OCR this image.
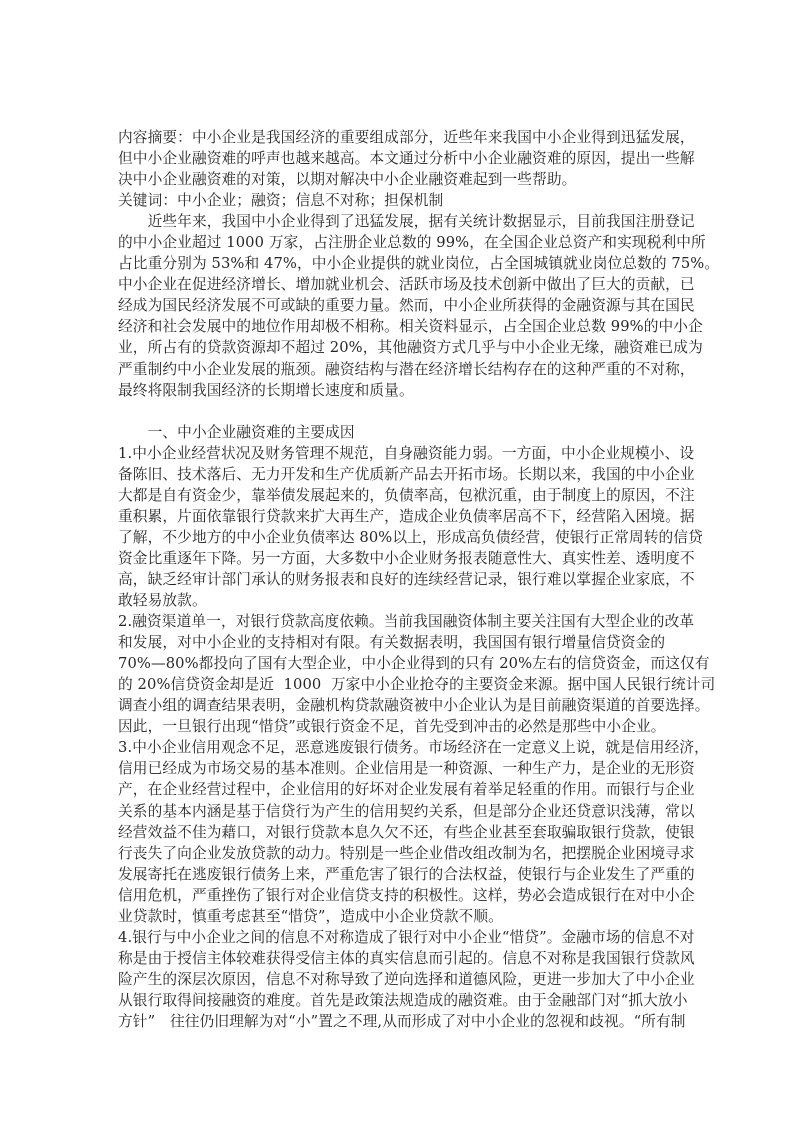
内容摘要：中小企业是我国经济的重要组成部分，近些年来我国中小企业得到迅猛发展，
但中小企业融资难的呼声也越来越高。本文通过分析中小企业融资难的原因，提出一些解
决中小企业融资难的对策，以期对解决中小企业融资难起到一些帮助。
关键词：中小企业；融资；信息不对称；担保机制
　　近些年来，我国中小企业得到了迅猛发展，据有关统计数据显示，目前我国注册登记
的中小企业超过 1000 万家，占注册企业总数的 99%，在全国企业总资产和实现税利中所
占比重分别为 53%和 47%，中小企业提供的就业岗位，占全国城镇就业岗位总数的 75%。
中小企业在促进经济增长、增加就业机会、活跃市场及技术创新中做出了巨大的贡献，已
经成为国民经济发展不可或缺的重要力量。然而，中小企业所获得的金融资源与其在国民
经济和社会发展中的地位作用却极不相称。相关资料显示，占全国企业总数 99%的中小企
业，所占有的贷款资源却不超过 20%，其他融资方式几乎与中小企业无缘，融资难已成为
严重制约中小企业发展的瓶颈。融资结构与潜在经济增长结构存在的这种严重的不对称，
最终将限制我国经济的长期增长速度和质量。
　　一、中小企业融资难的主要成因
1.中小企业经营状况及财务管理不规范，自身融资能力弱。一方面，中小企业规模小、设
备陈旧、技术落后、无力开发和生产优质新产品去开拓市场。长期以来，我国的中小企业
大都是自有资金少，靠举债发展起来的，负债率高，包袱沉重，由于制度上的原因，不注
重积累，片面依靠银行贷款来扩大再生产，造成企业负债率居高不下，经营陷入困境。据
了解，不少地方的中小企业负债率达 80%以上，形成高负债经营，使银行正常周转的信贷
资金比重逐年下降。另一方面，大多数中小企业财务报表随意性大、真实性差、透明度不
高，缺乏经审计部门承认的财务报表和良好的连续经营记录，银行难以掌握企业家底，不
敢轻易放款。
2.融资渠道单一，对银行贷款高度依赖。当前我国融资体制主要关注国有大型企业的改革
和发展，对中小企业的支持相对有限。有关数据表明，我国国有银行增量信贷资金的
70%—80%都投向了国有大型企业，中小企业得到的只有 20%左右的信贷资金，而这仅有
的 20%信贷资金却是近  1000  万家中小企业抢夺的主要资金来源。据中国人民银行统计司
调查小组的调查结果表明，金融机构贷款融资被中小企业认为是目前融资渠道的首要选择。
因此，一旦银行出现“惜贷”或银行资金不足，首先受到冲击的必然是那些中小企业。
3.中小企业信用观念不足，恶意逃废银行债务。市场经济在一定意义上说，就是信用经济，
信用已经成为市场交易的基本准则。企业信用是一种资源、一种生产力，是企业的无形资
产，在企业经营过程中，企业信用的好坏对企业发展有着举足轻重的作用。而银行与企业
关系的基本内涵是基于信贷行为产生的信用契约关系，但是部分企业还贷意识浅薄，常以
经营效益不佳为藉口，对银行贷款本息久欠不还，有些企业甚至套取骗取银行贷款，使银
行丧失了向企业发放贷款的动力。特别是一些企业借改组改制为名，把摆脱企业困境寻求
发展寄托在逃废银行债务上来，严重危害了银行的合法权益，使银行与企业发生了严重的
信用危机，严重挫伤了银行对企业信贷支持的积极性。这样，势必会造成银行在对中小企
业贷款时，慎重考虑甚至“惜贷”，造成中小企业贷款不顺。
4.银行与中小企业之间的信息不对称造成了银行对中小企业“惜贷”。金融市场的信息不对
称是由于授信主体较难获得受信主体的真实信息而引起的。信息不对称是我国银行贷款风
险产生的深层次原因，信息不对称导致了逆向选择和道德风险，更进一步加大了中小企业
从银行取得间接融资的难度。首先是政策法规造成的融资难。由于金融部门对“抓大放小
方针”　往往仍旧理解为对“小”置之不理,从而形成了对中小企业的忽视和歧视。“所有制
